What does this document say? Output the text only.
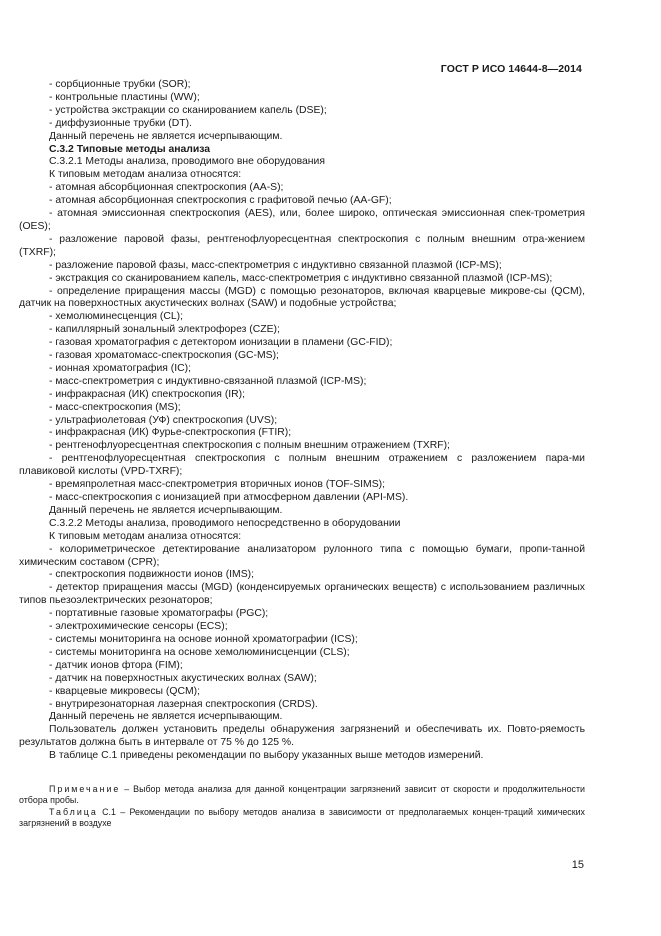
ГОСТ Р ИСО 14644-8—2014

- сорбционные трубки (SOR);

- контрольные пластины (WW);

- устройства экстракции со сканированием капель (DSE);

- диффузионные трубки (DT).

Данный перечень не является исчерпывающим.

С.3.2 Типовые методы анализа

С.3.2.1 Методы анализа, проводимого вне оборудования

К типовым методам анализа относятся:

- атомная абсорбционная спектроскопия (AA-S);

- атомная абсорбционная спектроскопия с графитовой печью (AA-GF);

- атомная эмиссионная спектроскопия (AES), или, более широко, оптическая эмиссионная спек-трометрия (OES);

- разложение паровой фазы, рентгенофлуоресцентная спектроскопия с полным внешним отра-жением (TXRF);

- разложение паровой фазы, масс-спектрометрия с индуктивно связанной плазмой (ICP-MS);

- экстракция со сканированием капель, масс-спектрометрия с индуктивно связанной плазмой (ICP-MS);

- определение приращения массы (MGD) с помощью резонаторов, включая кварцевые микрове-сы (QCM), датчик на поверхностных акустических волнах (SAW) и подобные устройства;

- хемолюминесценция (CL);

- капиллярный зональный электрофорез (CZE);

- газовая хроматография с детектором ионизации в пламени (GC-FID);

- газовая хроматомасс-спектроскопия (GC-MS);

- ионная хроматография (IC);

- масс-спектрометрия с индуктивно-связанной плазмой (ICP-MS);

- инфракрасная (ИК) спектроскопия (IR);

- масс-спектроскопия (MS);

- ультрафиолетовая (УФ) спектроскопия (UVS);

- инфракрасная (ИК) Фурье-спектроскопия (FTIR);

- рентгенофлуоресцентная спектроскопия с полным внешним отражением (TXRF);

- рентгенофлуоресцентная спектроскопия с полным внешним отражением с разложением пара-ми плавиковой кислоты (VPD-TXRF);

- времяпролетная масс-спектрометрия вторичных ионов (TOF-SIMS);

- масс-спектроскопия с ионизацией при атмосферном давлении (API-MS).

Данный перечень не является исчерпывающим.

С.3.2.2 Методы анализа, проводимого непосредственно в оборудовании

К типовым методам анализа относятся:

- колориметрическое детектирование анализатором рулонного типа с помощью бумаги, пропи-танной химическим составом (CPR);

- спектроскопия подвижности ионов (IMS);

- детектор приращения массы (MGD) (конденсируемых органических веществ) с использованием различных типов пьезоэлектрических резонаторов;

- портативные газовые хроматографы (PGC);

- электрохимические сенсоры (ECS);

- системы мониторинга на основе ионной хроматографии (ICS);

- системы мониторинга на основе хемолюминисценции (CLS);

- датчик ионов фтора (FIM);

- датчик на поверхностных акустических волнах (SAW);

- кварцевые микровесы (QCM);

- внутрирезонаторная лазерная спектроскопия (CRDS).

Данный перечень не является исчерпывающим.

Пользователь должен установить пределы обнаружения загрязнений и обеспечивать их. Повто-ряемость результатов должна быть в интервале от 75 % до 125 %.

В таблице С.1 приведены рекомендации по выбору указанных выше методов измерений.

Примечание – Выбор метода анализа для данной концентрации загрязнений зависит от скорости и продолжительности отбора пробы.

Таблица С.1 – Рекомендации по выбору методов анализа в зависимости от предполагаемых концен-траций химических загрязнений в воздухе

15
